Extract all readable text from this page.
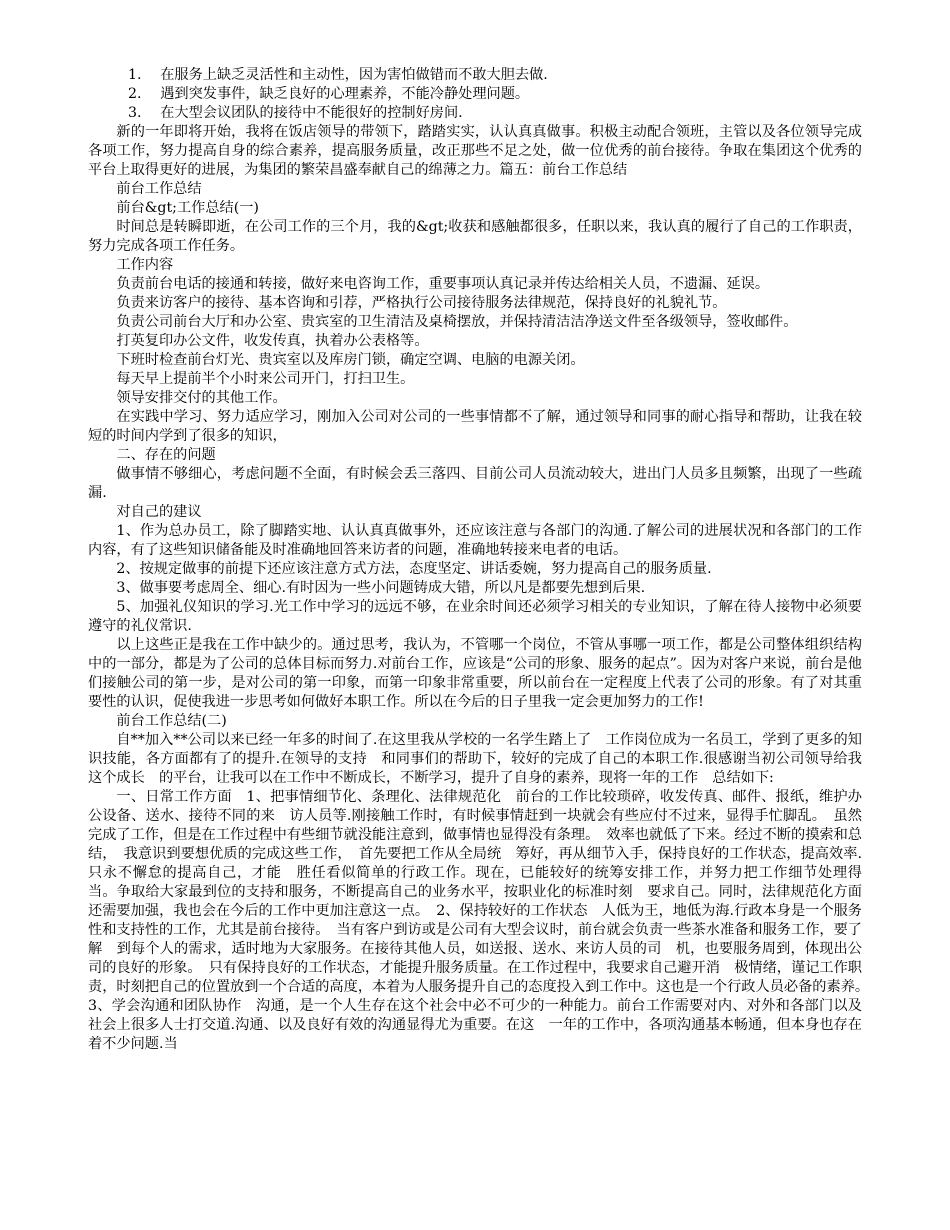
1.　 在服务上缺乏灵活性和主动性，因为害怕做错而不敢大胆去做.
2.　 遇到突发事件，缺乏良好的心理素养，不能冷静处理问题。
3.　 在大型会议团队的接待中不能很好的控制好房间.

新的一年即将开始，我将在饭店领导的带领下，踏踏实实，认认真真做事。积极主动配合领班，主管以及各位领导完成各项工作，努力提高自身的综合素养，提高服务质量，改正那些不足之处，做一位优秀的前台接待。争取在集团这个优秀的平台上取得更好的进展，为集团的繁荣昌盛奉献自己的绵薄之力。篇五：前台工作总结

前台工作总结

前台&gt;工作总结(一)

时间总是转瞬即逝，在公司工作的三个月，我的&gt;收获和感触都很多，任职以来，我认真的履行了自己的工作职责，努力完成各项工作任务。

工作内容

负责前台电话的接通和转接，做好来电咨询工作，重要事项认真记录并传达给相关人员，不遗漏、延误。

负责来访客户的接待、基本咨询和引荐，严格执行公司接待服务法律规范，保持良好的礼貌礼节。

负责公司前台大厅和办公室、贵宾室的卫生清洁及桌椅摆放，并保持清洁洁净送文件至各级领导，签收邮件。

打英复印办公文件，收发传真，执着办公表格等。

下班时检查前台灯光、贵宾室以及库房门锁，确定空调、电脑的电源关闭。

每天早上提前半个小时来公司开门，打扫卫生。

领导安排交付的其他工作。

在实践中学习、努力适应学习，刚加入公司对公司的一些事情都不了解，通过领导和同事的耐心指导和帮助，让我在较短的时间内学到了很多的知识，

二、存在的问题

做事情不够细心，考虑问题不全面，有时候会丢三落四、目前公司人员流动较大，进出门人员多且频繁，出现了一些疏漏.

对自己的建议

1、作为总办员工，除了脚踏实地、认认真真做事外，还应该注意与各部门的沟通.了解公司的进展状况和各部门的工作内容，有了这些知识储备能及时准确地回答来访者的问题，准确地转接来电者的电话。

2、按规定做事的前提下还应该注意方式方法，态度坚定、讲话委婉，努力提高自己的服务质量.

3、做事要考虑周全、细心.有时因为一些小问题铸成大错，所以凡是都要先想到后果.

5、加强礼仪知识的学习.光工作中学习的远远不够，在业余时间还必须学习相关的专业知识，了解在待人接物中必须要遵守的礼仪常识.

以上这些正是我在工作中缺少的。通过思考，我认为，不管哪一个岗位，不管从事哪一项工作，都是公司整体组织结构中的一部分，都是为了公司的总体目标而努力.对前台工作，应该是“公司的形象、服务的起点”。因为对客户来说，前台是他们接触公司的第一步，是对公司的第一印象，而第一印象非常重要，所以前台在一定程度上代表了公司的形象。有了对其重要性的认识，促使我进一步思考如何做好本职工作。所以在今后的日子里我一定会更加努力的工作!

前台工作总结(二)

自**加入**公司以来已经一年多的时间了.在这里我从学校的一名学生踏上了　工作岗位成为一名员工，学到了更多的知识技能，各方面都有了的提升.在领导的支持　和同事们的帮助下，较好的完成了自己的本职工作.很感谢当初公司领导给我这个成长　的平台，让我可以在工作中不断成长，不断学习，提升了自身的素养，现将一年的工作　总结如下:

一、日常工作方面　1、把事情细节化、条理化、法律规范化　前台的工作比较琐碎，收发传真、邮件、报纸，维护办公设备、送水、接待不同的来　访人员等.刚接触工作时，有时候事情赶到一块就会有些应付不过来，显得手忙脚乱。　虽然完成了工作，但是在工作过程中有些细节就没能注意到，做事情也显得没有条理。　效率也就低了下来。经过不断的摸索和总结，　我意识到要想优质的完成这些工作，　首先要把工作从全局统　筹好，再从细节入手，保持良好的工作状态，提高效率.只永不懈怠的提高自己，才能　胜任看似简单的行政工作。现在，已能较好的统筹安排工作，并努力把工作细节处理得　当。争取给大家最到位的支持和服务，不断提高自己的业务水平，按职业化的标准时刻　要求自己。同时，法律规范化方面还需要加强，我也会在今后的工作中更加注意这一点。　2、保持较好的工作状态　人低为王，地低为海.行政本身是一个服务性和支持性的工作，尤其是前台接待。　当有客户到访或是公司有大型会议时，前台就会负责一些茶水准备和服务工作，要了解　到每个人的需求，适时地为大家服务。在接待其他人员，如送报、送水、来访人员的司　机，也要服务周到，体现出公司的良好的形象。　只有保持良好的工作状态，才能提升服务质量。在工作过程中，我要求自己避开消　极情绪，谨记工作职责，时刻把自己的位置放到一个合适的高度，本着为人服务提升自己的态度投入到工作中。这也是一个行政人员必备的素养。　3、学会沟通和团队协作　沟通，是一个人生存在这个社会中必不可少的一种能力。前台工作需要对内、对外和各部门以及社会上很多人士打交道.沟通、以及良好有效的沟通显得尤为重要。在这　一年的工作中，各项沟通基本畅通，但本身也存在着不少问题.当
